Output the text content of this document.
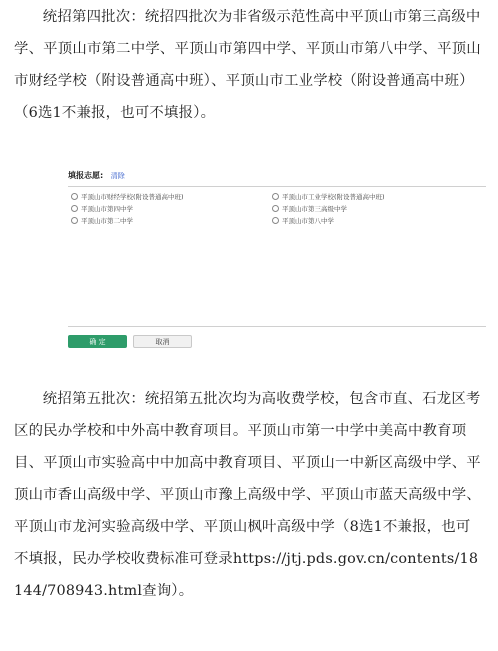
统招第四批次：统招四批次为非省级示范性高中平顶山市第三高级中学、平顶山市第二中学、平顶山市第四中学、平顶山市第八中学、平顶山市财经学校（附设普通高中班）、平顶山市工业学校（附设普通高中班）（6选1不兼报，也可不填报）。

填报志愿: 清除
平顶山市财经学校(附设普通高中班)	平顶山市工业学校(附设普通高中班)
平顶山市第四中学	平顶山市第三高级中学
平顶山市第二中学	平顶山市第八中学
确 定	取消

统招第五批次：统招第五批次均为高收费学校，包含市直、石龙区考区的民办学校和中外高中教育项目。平顶山市第一中学中美高中教育项目、平顶山市实验高中中加高中教育项目、平顶山一中新区高级中学、平顶山市香山高级中学、平顶山市豫上高级中学、平顶山市蓝天高级中学、平顶山市龙河实验高级中学、平顶山枫叶高级中学（8选1不兼报，也可不填报，民办学校收费标准可登录https://jtj.pds.gov.cn/contents/18144/708943.html查询）。
